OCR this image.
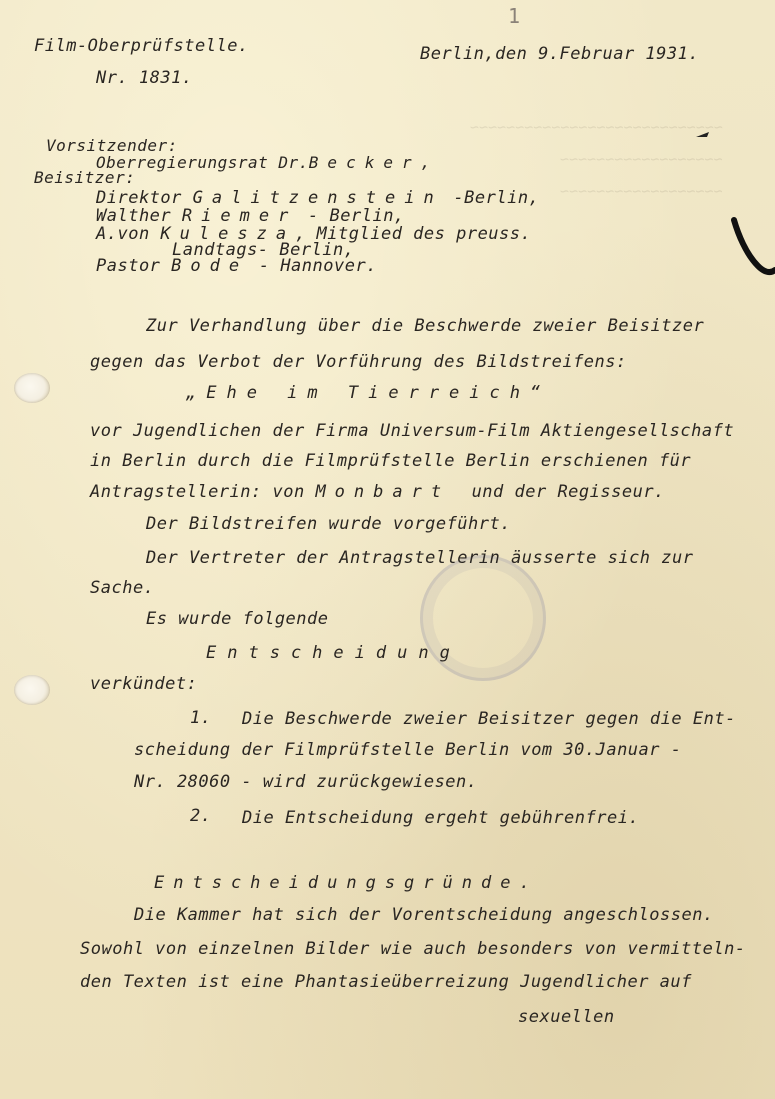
~~~~~~~~~~~~~~~~~~~~~~~~~~~~
~~~~~~~~~~~~~~~~~~
~~~~~~~~~~~~~~~~~~
1
Film-Oberprüfstelle.
Nr. 1831.
Berlin,den 9.Februar 1931.
Vorsitzender:
Oberregierungsrat Dr.Becker,
Beisitzer:
Direktor Galitzenstein -Berlin,
Walther Riemer - Berlin,
A.von Kulesza, Mitglied des preuss.
Landtags- Berlin,
Pastor Bode - Hannover.
Zur Verhandlung über die Beschwerde zweier Beisitzer
gegen das Verbot der Vorführung des Bildstreifens:
„Ehe im Tierreich“
vor Jugendlichen der Firma Universum-Film Aktiengesellschaft
in Berlin durch die Filmprüfstelle Berlin erschienen für
Antragstellerin: von Monbart  und der Regisseur.
Der Bildstreifen wurde vorgeführt.
Der Vertreter der Antragstellerin äusserte sich zur
Sache.
Es wurde folgende
Entscheidung
verkündet:
1. Die Beschwerde zweier Beisitzer gegen die Ent-
scheidung der Filmprüfstelle Berlin vom 30.Januar -
Nr. 28060 - wird zurückgewiesen.
2. Die Entscheidung ergeht gebührenfrei.
Entscheidungsgründe.
Die Kammer hat sich der Vorentscheidung angeschlossen.
Sowohl von einzelnen Bilder wie auch besonders von vermitteln-
den Texten ist eine Phantasieüberreizung Jugendlicher auf
sexuellen
